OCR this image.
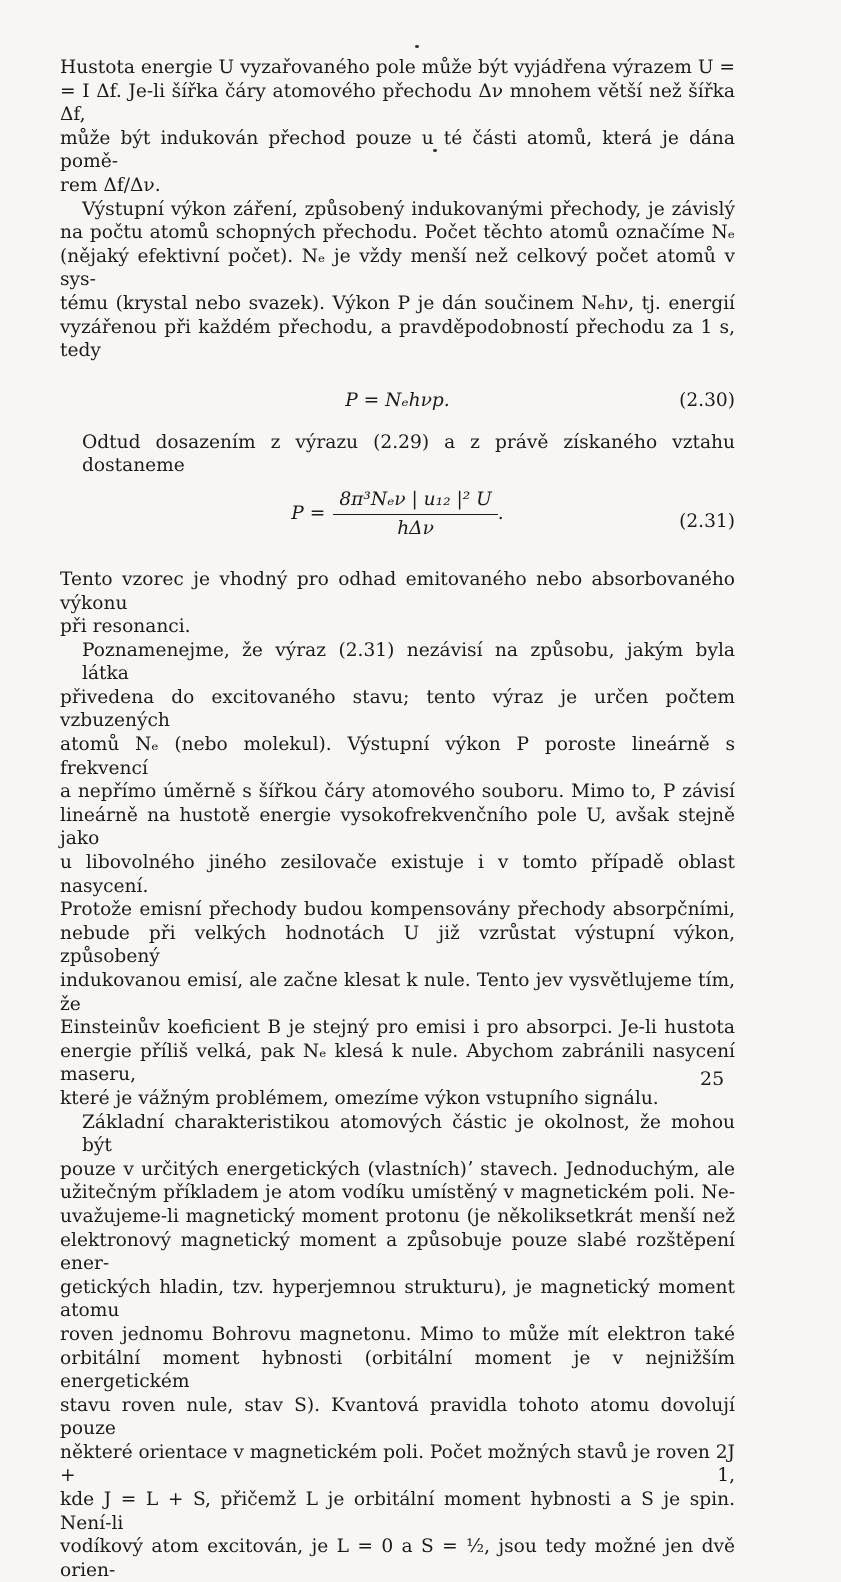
Hustota energie U vyzařovaného pole může být vyjádřena výrazem U =
= I Δf. Je-li šířka čáry atomového přechodu Δν mnohem větší než šířka Δf,
může být indukován přechod pouze u té části atomů, která je dána pomě-
rem Δf/Δν.

Výstupní výkon záření, způsobený indukovanými přechody, je závislý
na počtu atomů schopných přechodu. Počet těchto atomů označíme Nₑ
(nějaký efektivní počet). Nₑ je vždy menší než celkový počet atomů v sys-
tému (krystal nebo svazek). Výkon P je dán součinem Nₑhν, tj. energií
vyzářenou při každém přechodu, a pravděpodobností přechodu za 1 s, tedy

P = Nₑhνp.	(2.30)

Odtud dosazením z výrazu (2.29) a z právě získaného vztahu dostaneme

P =
8π³Nₑν | u₁₂ |² U
hΔν
.	(2.31)

Tento vzorec je vhodný pro odhad emitovaného nebo absorbovaného výkonu
při resonanci.

Poznamenejme, že výraz (2.31) nezávisí na způsobu, jakým byla látka
přivedena do excitovaného stavu; tento výraz je určen počtem vzbuzených
atomů Nₑ (nebo molekul). Výstupní výkon P poroste lineárně s frekvencí
a nepřímo úměrně s šířkou čáry atomového souboru. Mimo to, P závisí
lineárně na hustotě energie vysokofrekvenčního pole U, avšak stejně jako
u libovolného jiného zesilovače existuje i v tomto případě oblast nasycení.
Protože emisní přechody budou kompensovány přechody absorpčními,
nebude při velkých hodnotách U již vzrůstat výstupní výkon, způsobený
indukovanou emisí, ale začne klesat k nule. Tento jev vysvětlujeme tím, že
Einsteinův koeficient B je stejný pro emisi i pro absorpci. Je-li hustota
energie příliš velká, pak Nₑ klesá k nule. Abychom zabránili nasycení maseru,
které je vážným problémem, omezíme výkon vstupního signálu.

Základní charakteristikou atomových částic je okolnost, že mohou být
pouze v určitých energetických (vlastních)ʼ stavech. Jednoduchým, ale
užitečným příkladem je atom vodíku umístěný v magnetickém poli. Ne-
uvažujeme-li magnetický moment protonu (je několiksetkrát menší než
elektronový magnetický moment a způsobuje pouze slabé rozštěpení ener-
getických hladin, tzv. hyperjemnou strukturu), je magnetický moment atomu
roven jednomu Bohrovu magnetonu. Mimo to může mít elektron také
orbitální moment hybnosti (orbitální moment je v nejnižším energetickém
stavu roven nule, stav S). Kvantová pravidla tohoto atomu dovolují pouze
některé orientace v magnetickém poli. Počet možných stavů je roven 2J + 1,
kde J = L + S, přičemž L je orbitální moment hybnosti a S je spin. Není-li
vodíkový atom excitován, je L = 0 a S = ½, jsou tedy možné jen dvě orien-

25
